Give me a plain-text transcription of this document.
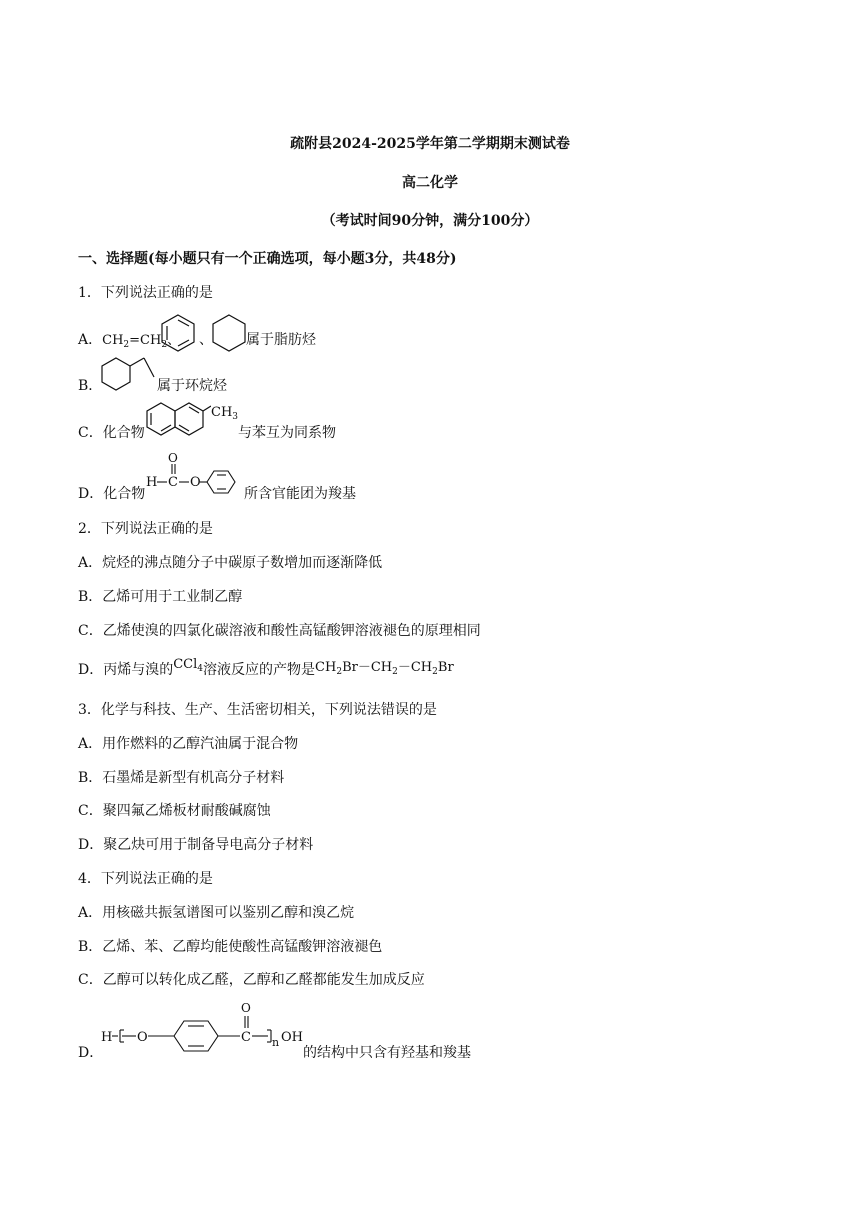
疏附县2024-2025学年第二学期期末测试卷
高二化学
（考试时间90分钟，满分100分）
一、选择题(每小题只有一个正确选项，每小题3分，共48分)
1．下列说法正确的是
A．$CH_2=CH_2$、 、 属于脂肪烃
B．	属于环烷烃
C．化合物
$CH_3$
与苯互为同系物
D．化合物
H C
O
O
所含官能团为羧基
2．下列说法正确的是
A．烷烃的沸点随分子中碳原子数增加而逐渐降低
B．乙烯可用于工业制乙醇
C．乙烯使溴的四氯化碳溶液和酸性高锰酸钾溶液褪色的原理相同
D．丙烯与溴的CCl$_4$溶液反应的产物是$CH_2Br-CH_2-CH_2Br$
3．化学与科技、生产、生活密切相关，下列说法错误的是
A．用作燃料的乙醇汽油属于混合物
B．石墨烯是新型有机高分子材料
C．聚四氟乙烯板材耐酸碱腐蚀
D．聚乙炔可用于制备导电高分子材料
4．下列说法正确的是
A．用核磁共振氢谱图可以鉴别乙醇和溴乙烷
B．乙烯、苯、乙醇均能使酸性高锰酸钾溶液褪色
C．乙醇可以转化成乙醛，乙醇和乙醛都能发生加成反应
D．
H O	C
O
n OH
的结构中只含有羟基和羧基
